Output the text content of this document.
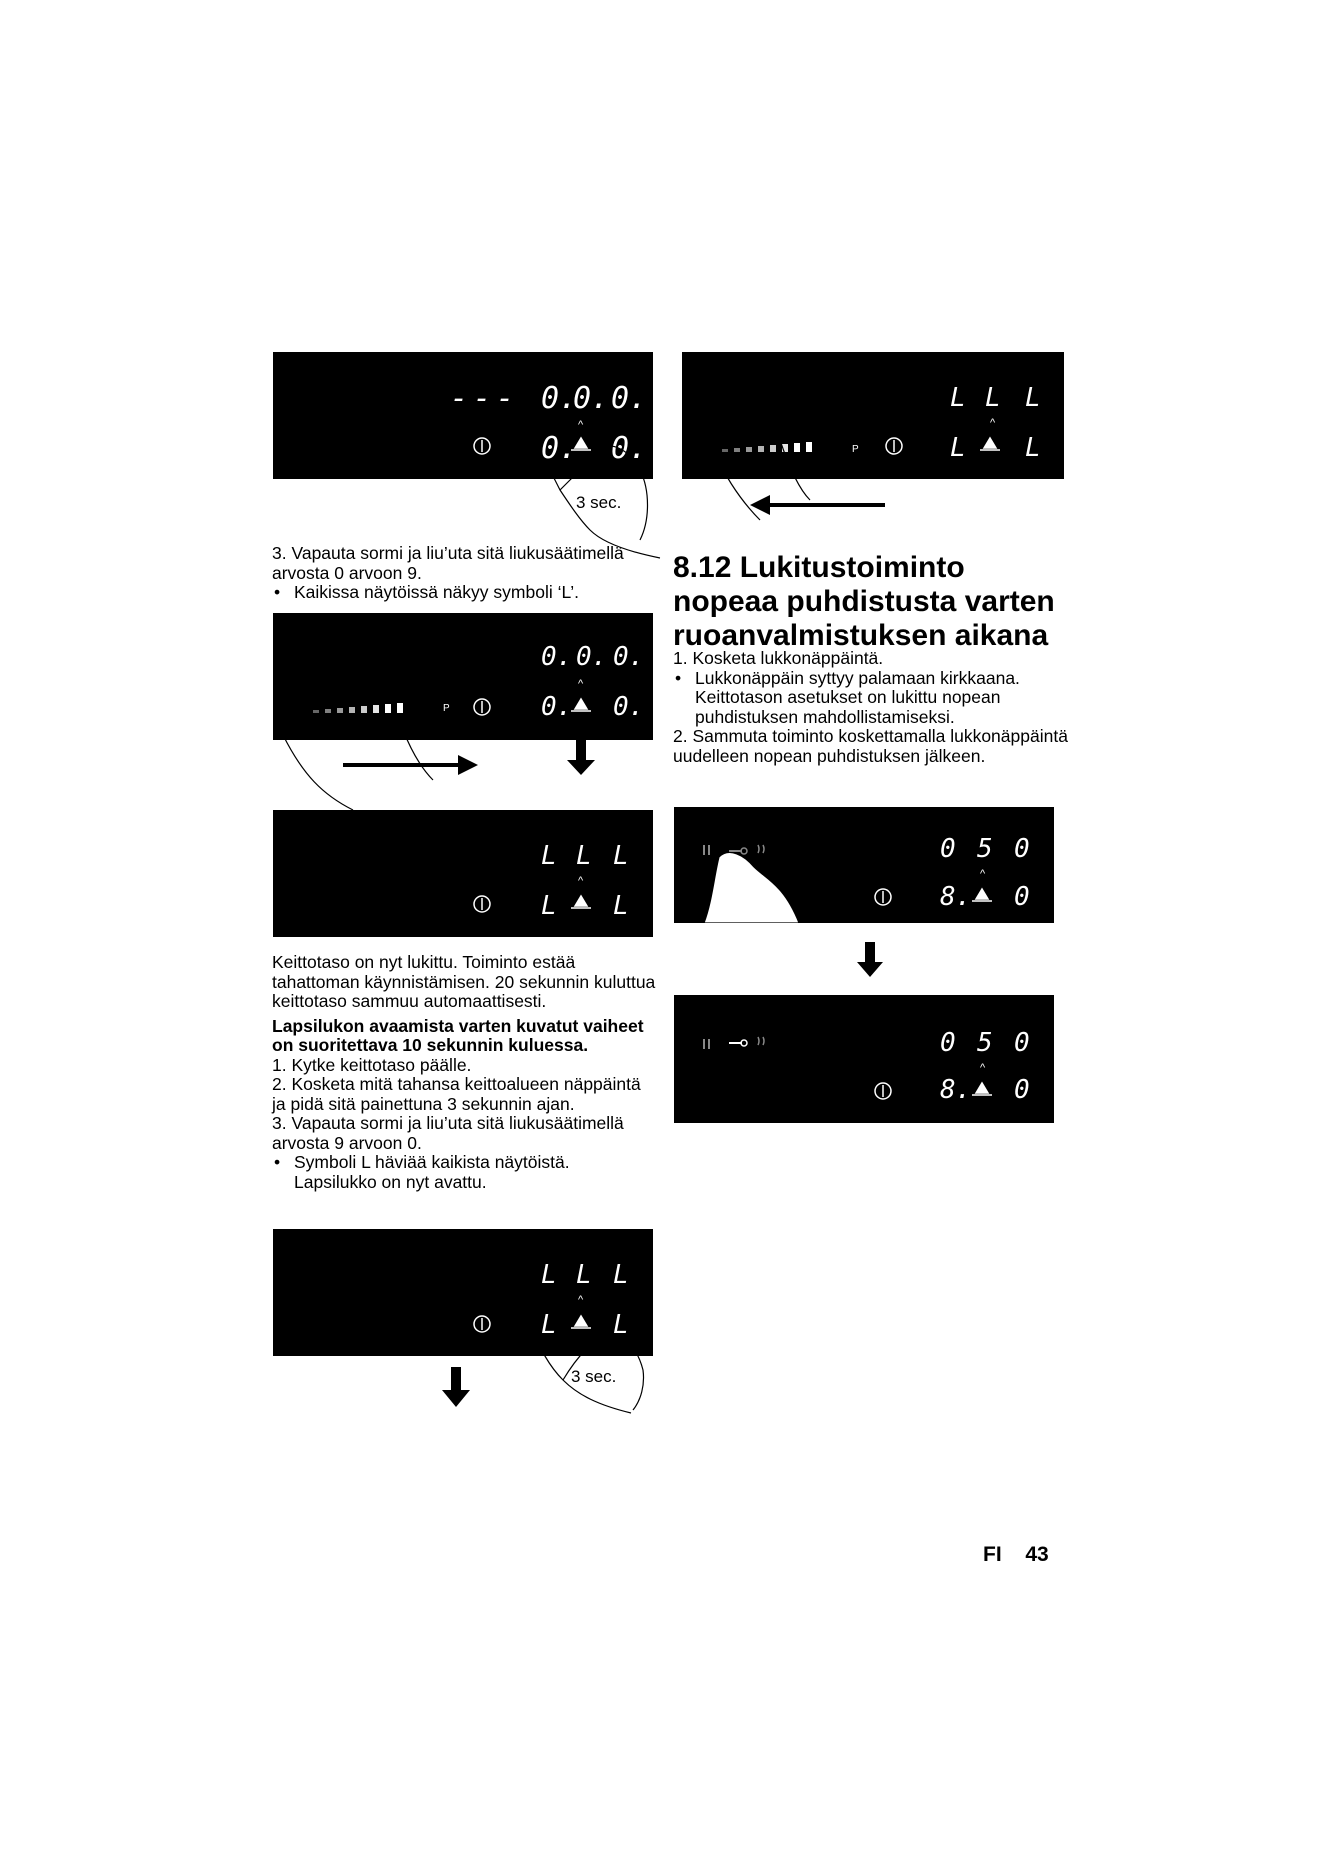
- - - 0.
0. 0.
0. 0.
^
3 sec.
L L L
L L
^
P

3. Vapauta sormi ja liu’uta sitä liukusäätimellä arvosta 0 arvoon 9.

• Kaikissa näytöissä näkyy symboli ‘L’.

8.12 Lukitustoiminto nopeaa puhdistusta varten ruoanvalmistuksen aikana

1. Kosketa lukkonäppäintä.

• Lukkonäppäin syttyy palamaan kirkkaana. Keittotason asetukset on lukittu nopean puhdistuksen mahdollistamiseksi.

2. Sammuta toiminto koskettamalla lukkonäppäintä uudelleen nopean puhdistuksen jälkeen.

0. 0. 0.
0. 0.
^
P
L L L
L L
^
0 5 0
8. 0
^
0 5 0
8. 0
^

Keittotaso on nyt lukittu. Toiminto estää tahattoman käynnistämisen. 20 sekunnin kuluttua keittotaso sammuu automaattisesti.

Lapsilukon avaamista varten kuvatut vaiheet on suoritettava 10 sekunnin kuluessa.

1. Kytke keittotaso päälle.

2. Kosketa mitä tahansa keittoalueen näppäintä ja pidä sitä painettuna 3 sekunnin ajan.

3. Vapauta sormi ja liu’uta sitä liukusäätimellä arvosta 9 arvoon 0.

• Symboli L häviää kaikista näytöistä. Lapsilukko on nyt avattu.

L L L
L L
^
3 sec.
FI 43
